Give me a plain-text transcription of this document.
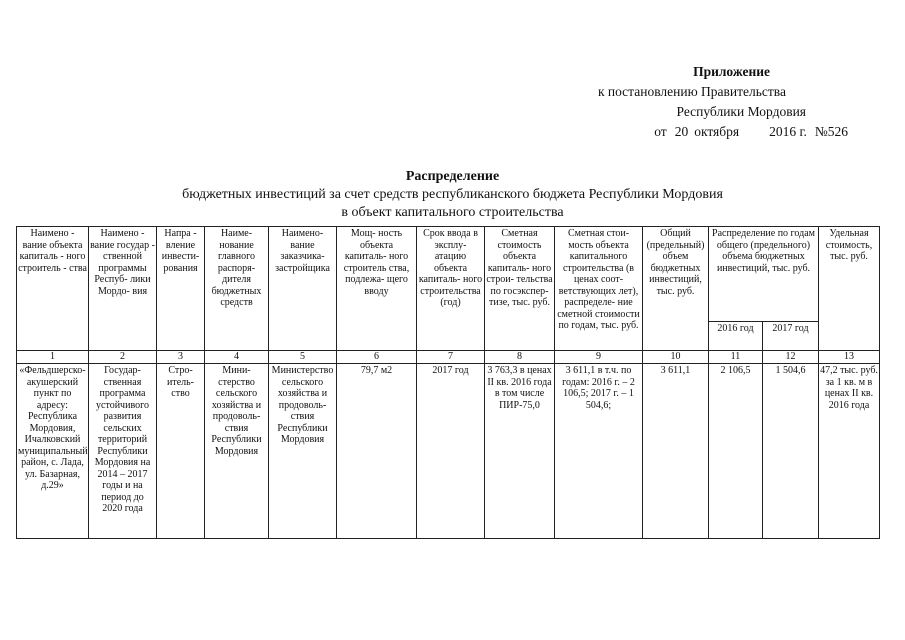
Приложение
к постановлению Правительства
Республики Мордовия
от 20 октября 2016 г. №526
Распределение
бюджетных инвестиций за счет средств республиканского бюджета Республики Мордовия
в объект капитального строительства
Наимено - вание объекта капиталь - ного строитель - ства	Наимено - вание государ - ственной программы Респуб- лики Мордо- вия	Напра - вление инвести- рования	Наиме- нование главного распоря- дителя бюджетных средств	Наимено- вание заказчика- застройщика	Мощ- ность объекта капиталь- ного строитель ства, подлежа- щего вводу	Срок ввода в эксплу- атацию объекта капиталь- ного строительства (год)	Сметная стоимость объекта капиталь- ного строи- тельства по госэкспер- тизе, тыс. руб.	Сметная стои- мость объекта капитального строительства (в ценах соот- ветствующих лет), распределе- ние сметной стоимости по годам, тыс. руб.	Общий (предельный) объем бюджетных инвестиций, тыс. руб.	Распределение по годам общего (предельного) объема бюджетных инвестиций, тыс. руб.		Удельная стоимость, тыс. руб.
										2016 год	2017 год	
1	2	3	4	5	6	7	8	9	10	11	12	13
«Фельдшерско- акушерский пункт по адресу: Республика Мордовия, Ичалковский муниципальный район, с. Лада, ул. Базарная, д.29»	Государ- ственная программа устойчивого развития сельских территорий Республики Мордовия на 2014 – 2017 годы и на период до 2020 года	Стро- итель- ство	Мини- стерство сельского хозяйства и продоволь- ствия Республики Мордовия	Министерство сельского хозяйства и продоволь- ствия Республики Мордовия	79,7 м2	2017 год	3 763,3 в ценах II кв. 2016 года в том числе ПИР-75,0	3 611,1 в т.ч. по годам: 2016 г. – 2 106,5; 2017 г. – 1 504,6;	3 611,1	2 106,5	1 504,6	47,2 тыс. руб. за 1 кв. м в ценах II кв. 2016 года
